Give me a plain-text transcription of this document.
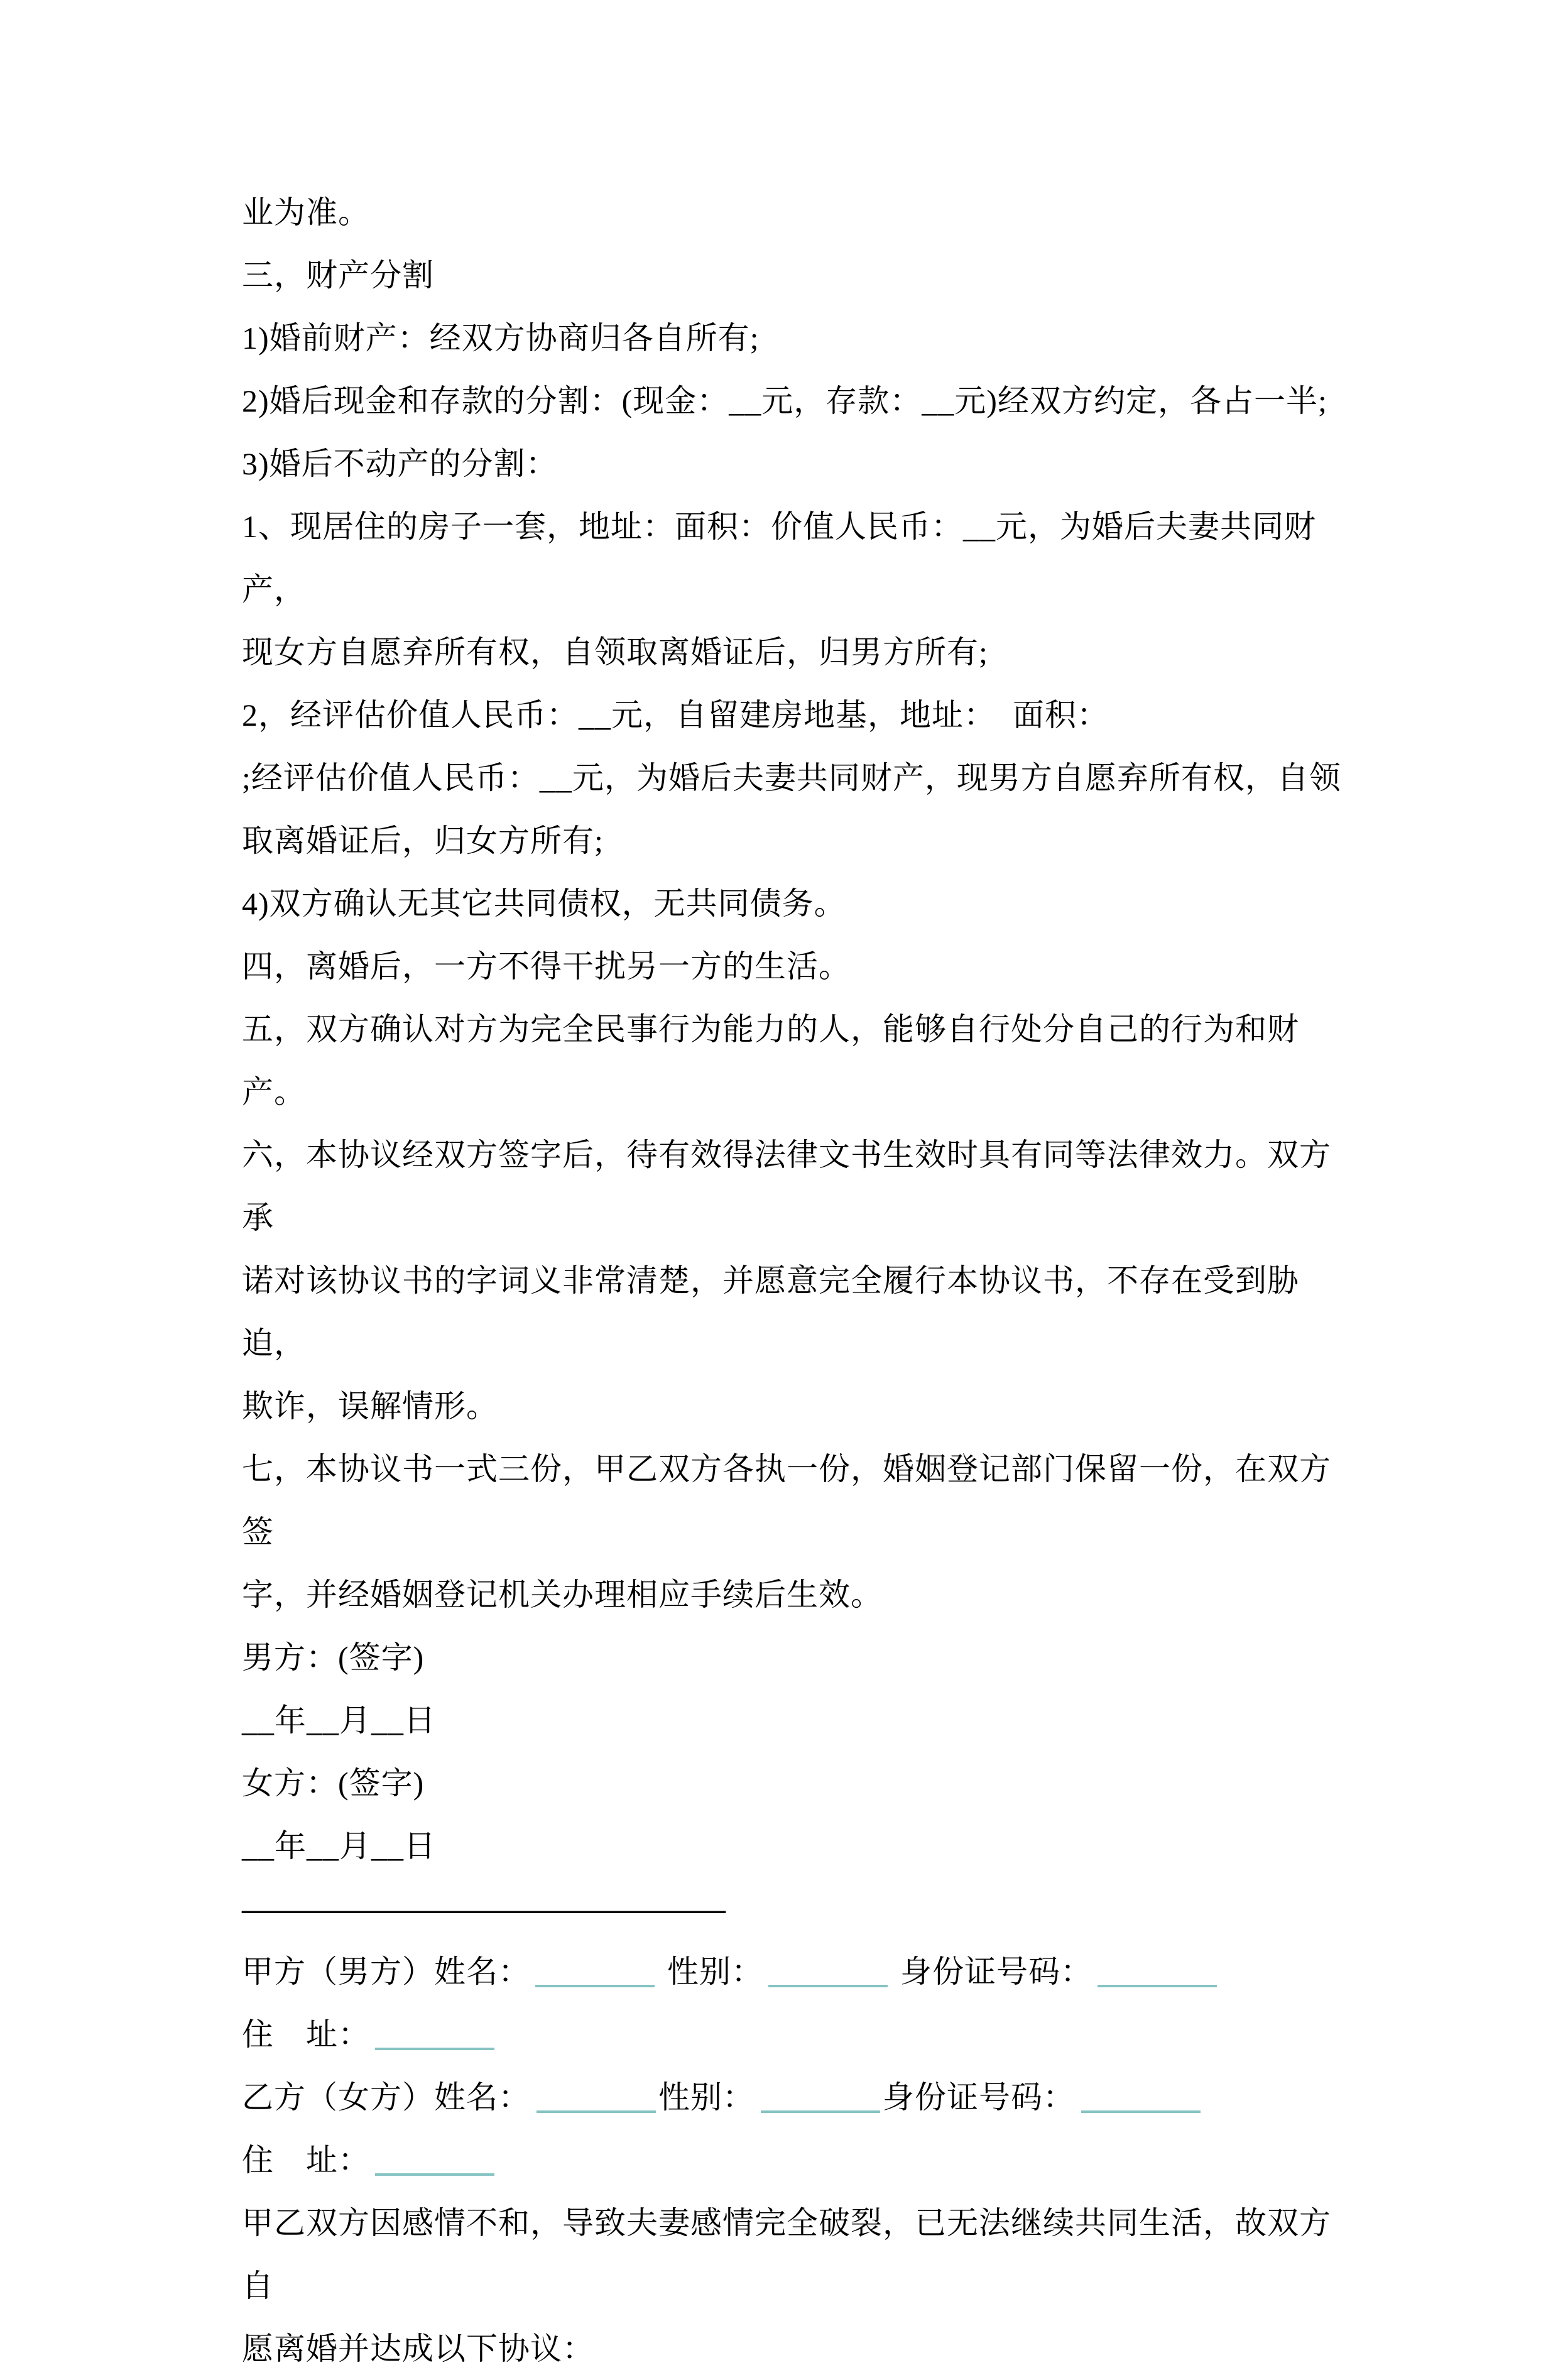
业为准。

三，财产分割

1)婚前财产：经双方协商归各自所有;

2)婚后现金和存款的分割：(现金：__元，存款：__元)经双方约定，各占一半;

3)婚后不动产的分割：

1、现居住的房子一套，地址：面积：价值人民币：__元，为婚后夫妻共同财产，

现女方自愿弃所有权，自领取离婚证后，归男方所有;

2，经评估价值人民币：__元，自留建房地基，地址：  面积：

;经评估价值人民币：__元，为婚后夫妻共同财产，现男方自愿弃所有权，自领

取离婚证后，归女方所有;

4)双方确认无其它共同债权，无共同债务。

四，离婚后，一方不得干扰另一方的生活。

五，双方确认对方为完全民事行为能力的人，能够自行处分自己的行为和财产。

六，本协议经双方签字后，待有效得法律文书生效时具有同等法律效力。双方承

诺对该协议书的字词义非常清楚，并愿意完全履行本协议书，不存在受到胁迫，

欺诈，误解情形。

七，本协议书一式三份，甲乙双方各执一份，婚姻登记部门保留一份，在双方签

字，并经婚姻登记机关办理相应手续后生效。

男方：(签字)

__年__月__日

女方：(签字)

__年__月__日

————————————————

甲方（男方）姓名：	性别：	身份证号码：

住　址：

乙方（女方）姓名：	性别：	身份证号码：

住　址：

甲乙双方因感情不和，导致夫妻感情完全破裂，已无法继续共同生活，故双方自

愿离婚并达成以下协议：
